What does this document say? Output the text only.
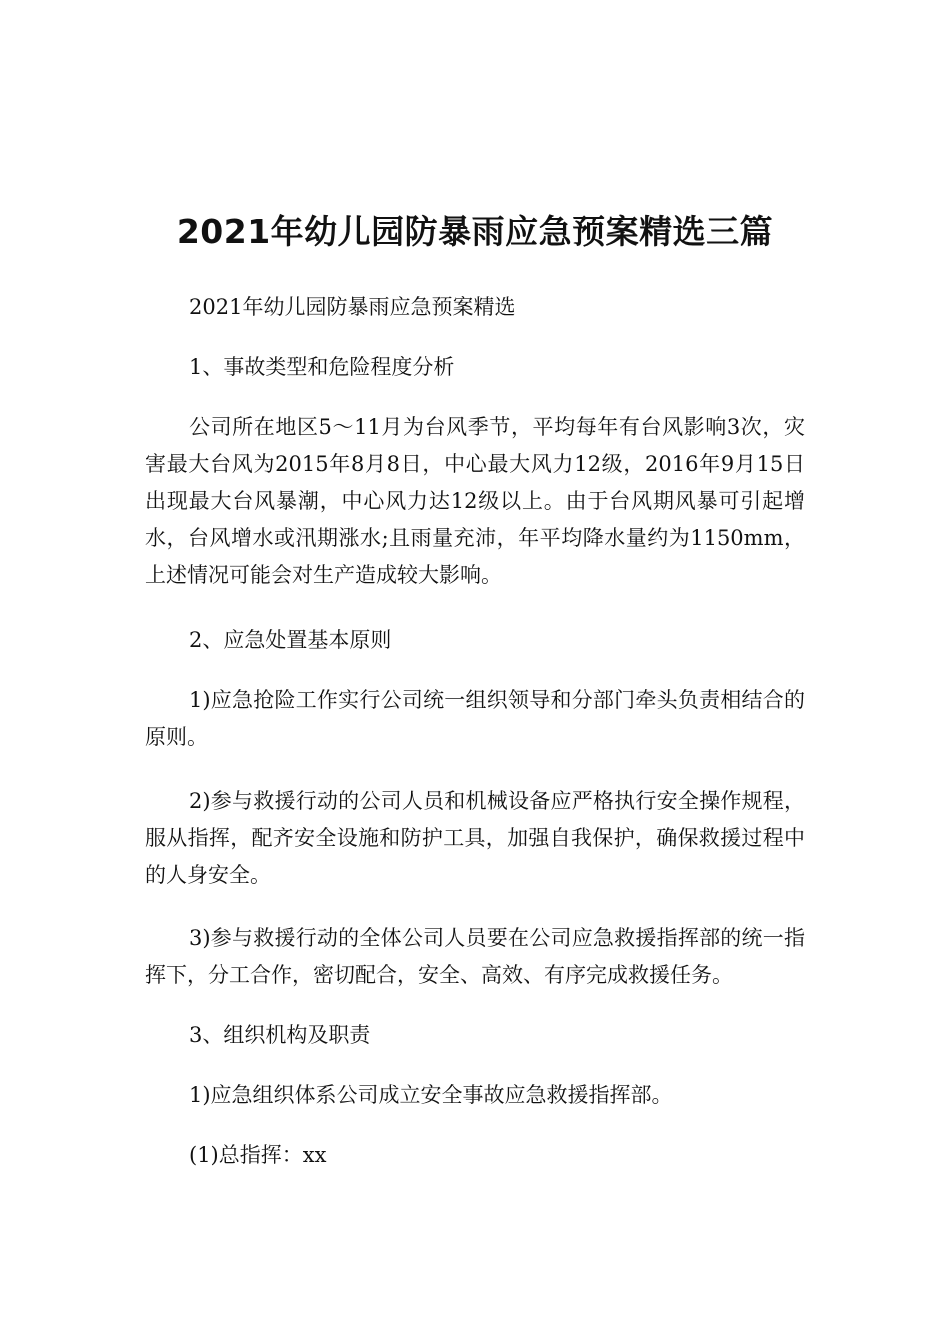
2021年幼儿园防暴雨应急预案精选三篇

2021年幼儿园防暴雨应急预案精选

1、事故类型和危险程度分析

公司所在地区5～11月为台风季节，平均每年有台风影响3次，灾害最大台风为2015年8月8日，中心最大风力12级，2016年9月15日出现最大台风暴潮，中心风力达12级以上。由于台风期风暴可引起增水，台风增水或汛期涨水;且雨量充沛，年平均降水量约为1150mm，上述情况可能会对生产造成较大影响。

2、应急处置基本原则

1)应急抢险工作实行公司统一组织领导和分部门牵头负责相结合的原则。

2)参与救援行动的公司人员和机械设备应严格执行安全操作规程，服从指挥，配齐安全设施和防护工具，加强自我保护，确保救援过程中的人身安全。

3)参与救援行动的全体公司人员要在公司应急救援指挥部的统一指挥下，分工合作，密切配合，安全、高效、有序完成救援任务。

3、组织机构及职责

1)应急组织体系公司成立安全事故应急救援指挥部。

(1)总指挥：xx
